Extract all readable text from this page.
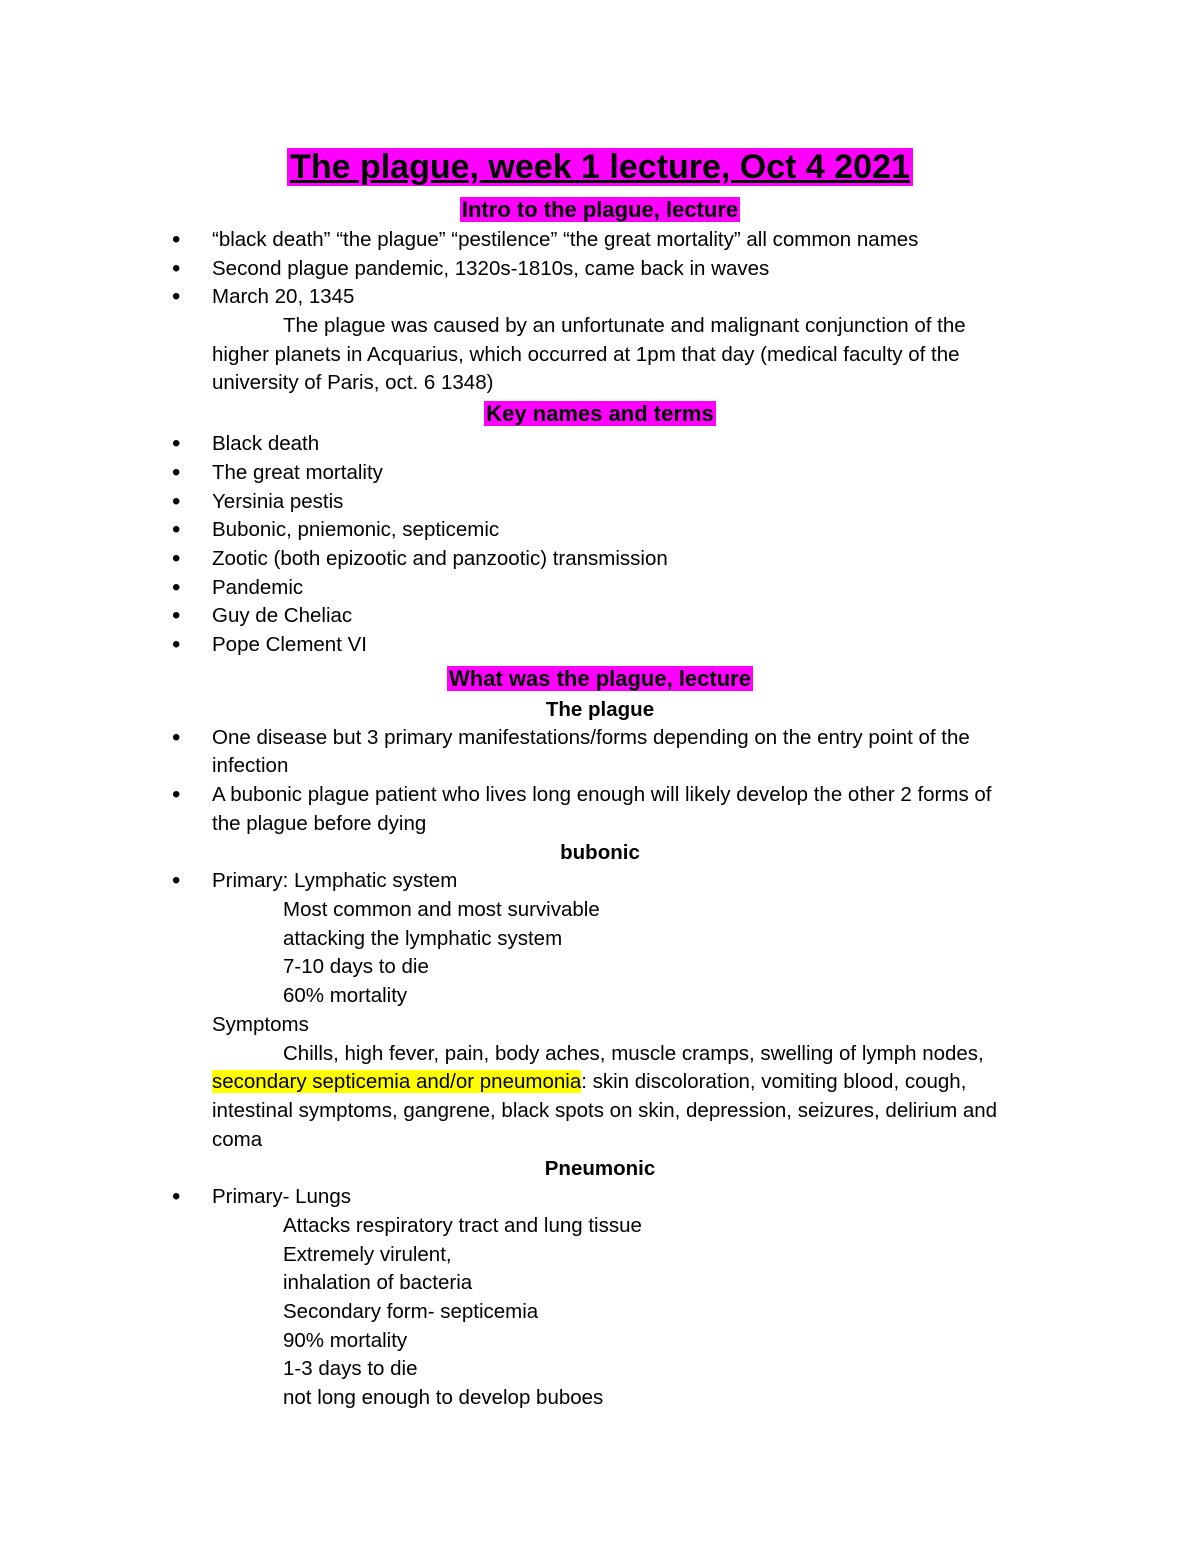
The plague, week 1 lecture, Oct 4 2021
Intro to the plague, lecture
• “black death” “the plague” “pestilence” “the great mortality” all common names
• Second plague pandemic, 1320s-1810s, came back in waves
• March 20, 1345
The plague was caused by an unfortunate and malignant conjunction of the
higher planets in Acquarius, which occurred at 1pm that day (medical faculty of the
university of Paris, oct. 6 1348)
Key names and terms
• Black death
• The great mortality
• Yersinia pestis
• Bubonic, pniemonic, septicemic
• Zootic (both epizootic and panzootic) transmission
• Pandemic
• Guy de Cheliac
• Pope Clement VI
What was the plague, lecture
The plague
• One disease but 3 primary manifestations/forms depending on the entry point of the
infection
• A bubonic plague patient who lives long enough will likely develop the other 2 forms of
the plague before dying
bubonic
• Primary: Lymphatic system
Most common and most survivable
attacking the lymphatic system
7-10 days to die
60% mortality
Symptoms
Chills, high fever, pain, body aches, muscle cramps, swelling of lymph nodes,
secondary septicemia and/or pneumonia: skin discoloration, vomiting blood, cough,
intestinal symptoms, gangrene, black spots on skin, depression, seizures, delirium and
coma
Pneumonic
• Primary- Lungs
Attacks respiratory tract and lung tissue
Extremely virulent,
inhalation of bacteria
Secondary form- septicemia
90% mortality
1-3 days to die
not long enough to develop buboes
